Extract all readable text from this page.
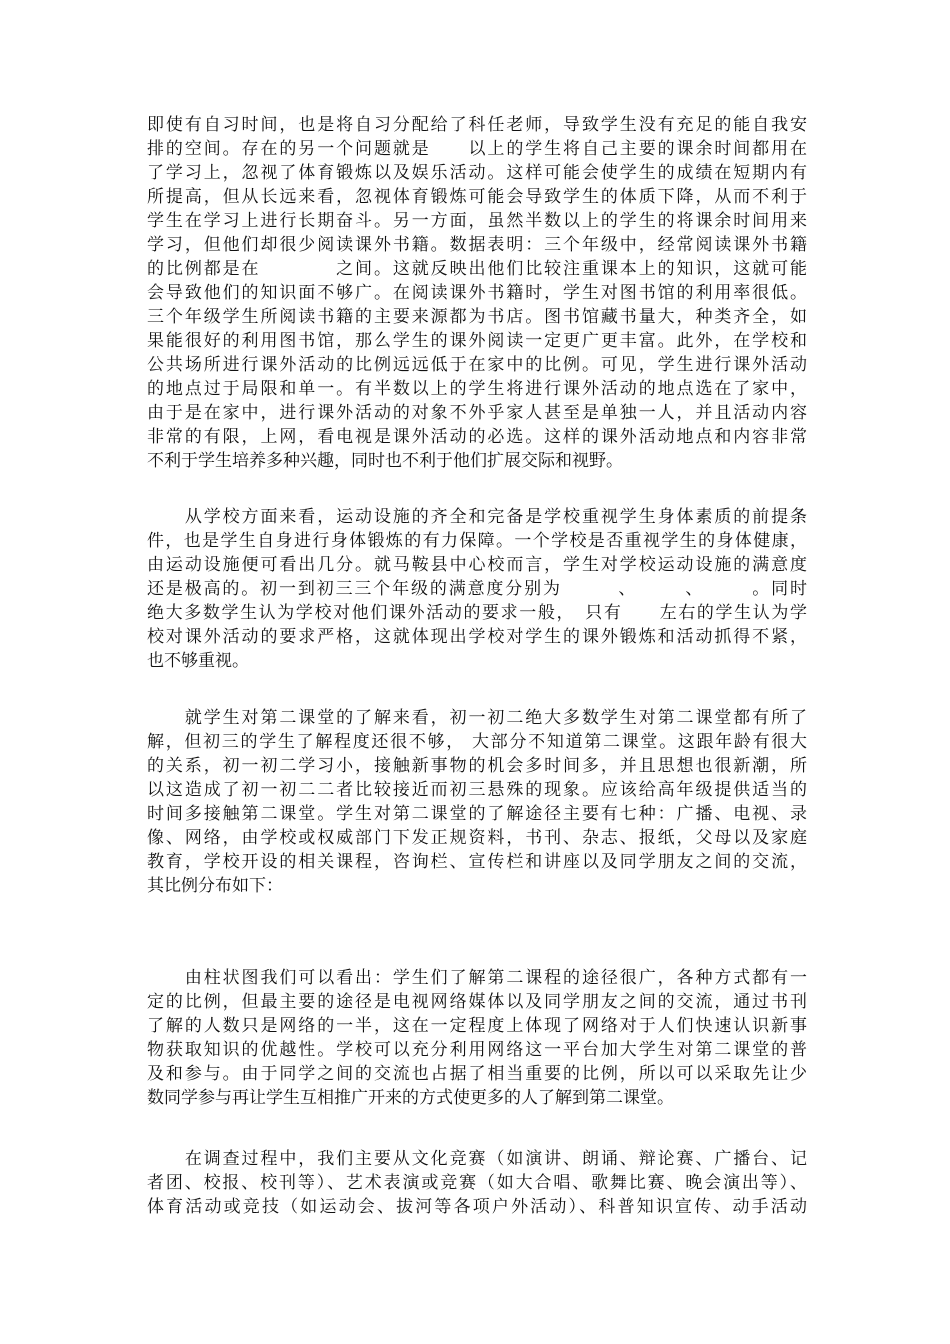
即使有自习时间，也是将自习分配给了科任老师，导致学生没有充足的能自我安
排的空间。存在的另一个问题就是　　以上的学生将自己主要的课余时间都用在
了学习上，忽视了体育锻炼以及娱乐活动。这样可能会使学生的成绩在短期内有
所提高，但从长远来看，忽视体育锻炼可能会导致学生的体质下降，从而不利于
学生在学习上进行长期奋斗。另一方面，虽然半数以上的学生的将课余时间用来
学习，但他们却很少阅读课外书籍。数据表明：三个年级中，经常阅读课外书籍
的比例都是在　　　　之间。这就反映出他们比较注重课本上的知识，这就可能
会导致他们的知识面不够广。在阅读课外书籍时，学生对图书馆的利用率很低。
三个年级学生所阅读书籍的主要来源都为书店。图书馆藏书量大，种类齐全，如
果能很好的利用图书馆，那么学生的课外阅读一定更广更丰富。此外，在学校和
公共场所进行课外活动的比例远远低于在家中的比例。可见，学生进行课外活动
的地点过于局限和单一。有半数以上的学生将进行课外活动的地点选在了家中，
由于是在家中，进行课外活动的对象不外乎家人甚至是单独一人，并且活动内容
非常的有限，上网，看电视是课外活动的必选。这样的课外活动地点和内容非常
不利于学生培养多种兴趣，同时也不利于他们扩展交际和视野。
　　从学校方面来看，运动设施的齐全和完备是学校重视学生身体素质的前提条
件，也是学生自身进行身体锻炼的有力保障。一个学校是否重视学生的身体健康，
由运动设施便可看出几分。就马鞍县中心校而言，学生对学校运动设施的满意度
还是极高的。初一到初三三个年级的满意度分别为　　　、　　　、　　　。同时
绝大多数学生认为学校对他们课外活动的要求一般，　只有　　左右的学生认为学
校对课外活动的要求严格，这就体现出学校对学生的课外锻炼和活动抓得不紧，
也不够重视。
　　就学生对第二课堂的了解来看，初一初二绝大多数学生对第二课堂都有所了
解，但初三的学生了解程度还很不够， 大部分不知道第二课堂。这跟年龄有很大
的关系，初一初二学习小，接触新事物的机会多时间多，并且思想也很新潮，所
以这造成了初一初二二者比较接近而初三悬殊的现象。应该给高年级提供适当的
时间多接触第二课堂。学生对第二课堂的了解途径主要有七种：广播、电视、录
像、网络，由学校或权威部门下发正规资料，书刊、杂志、报纸，父母以及家庭
教育，学校开设的相关课程，咨询栏、宣传栏和讲座以及同学朋友之间的交流，
其比例分布如下：
　　由柱状图我们可以看出：学生们了解第二课程的途径很广，各种方式都有一
定的比例，但最主要的途径是电视网络媒体以及同学朋友之间的交流，通过书刊
了解的人数只是网络的一半，这在一定程度上体现了网络对于人们快速认识新事
物获取知识的优越性。学校可以充分利用网络这一平台加大学生对第二课堂的普
及和参与。由于同学之间的交流也占据了相当重要的比例，所以可以采取先让少
数同学参与再让学生互相推广开来的方式使更多的人了解到第二课堂。
　　在调查过程中，我们主要从文化竞赛（如演讲、朗诵、辩论赛、广播台、记
者团、校报、校刊等）、艺术表演或竞赛（如大合唱、歌舞比赛、晚会演出等）、
体育活动或竞技（如运动会、拔河等各项户外活动）、科普知识宣传、动手活动
